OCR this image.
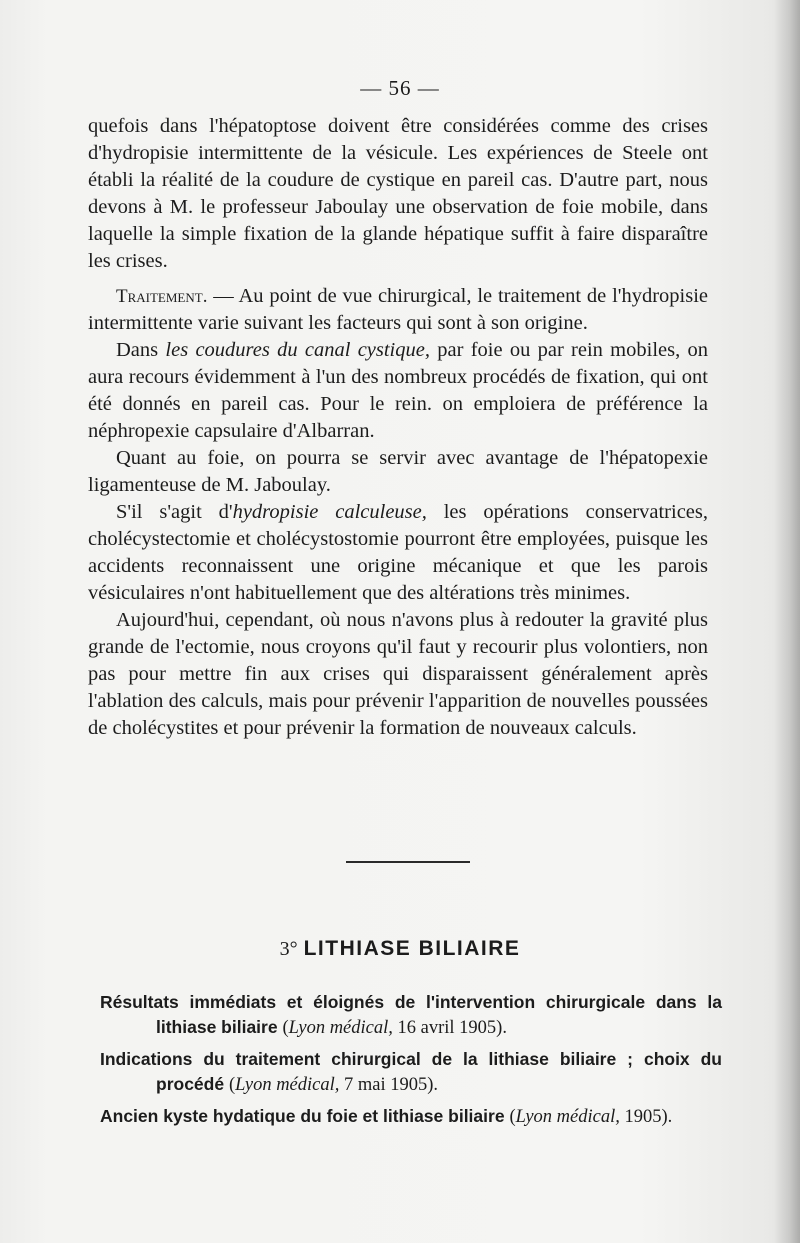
— 56 —

quefois dans l'hépatoptose doivent être considérées comme des crises d'hydropisie intermittente de la vésicule. Les expériences de Steele ont établi la réalité de la coudure de cystique en pareil cas. D'autre part, nous devons à M. le professeur Jaboulay une observation de foie mobile, dans laquelle la simple fixation de la glande hépatique suffit à faire disparaître les crises.

Traitement. — Au point de vue chirurgical, le traitement de l'hydropisie intermittente varie suivant les facteurs qui sont à son origine.

Dans les coudures du canal cystique, par foie ou par rein mobiles, on aura recours évidemment à l'un des nombreux procédés de fixation, qui ont été donnés en pareil cas. Pour le rein. on emploiera de préférence la néphropexie capsulaire d'Albarran.

Quant au foie, on pourra se servir avec avantage de l'hépatopexie ligamenteuse de M. Jaboulay.

S'il s'agit d'hydropisie calculeuse, les opérations conservatrices, cholécystectomie et cholécystostomie pourront être employées, puisque les accidents reconnaissent une origine mécanique et que les parois vésiculaires n'ont habituellement que des altérations très minimes.

Aujourd'hui, cependant, où nous n'avons plus à redouter la gravité plus grande de l'ectomie, nous croyons qu'il faut y recourir plus volontiers, non pas pour mettre fin aux crises qui disparaissent généralement après l'ablation des calculs, mais pour prévenir l'apparition de nouvelles poussées de cholécystites et pour prévenir la formation de nouveaux calculs.

3° LITHIASE BILIAIRE
Résultats immédiats et éloignés de l'intervention chirurgicale dans la lithiase biliaire (Lyon médical, 16 avril 1905).
Indications du traitement chirurgical de la lithiase biliaire ; choix du procédé (Lyon médical, 7 mai 1905).
Ancien kyste hydatique du foie et lithiase biliaire (Lyon médical, 1905).
